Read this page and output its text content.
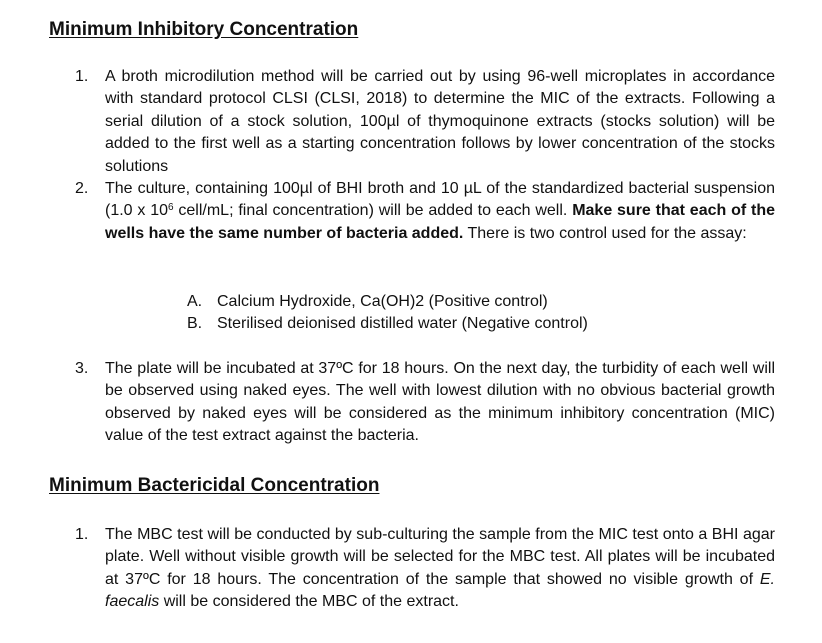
Minimum Inhibitory Concentration
1.	A broth microdilution method will be carried out by using 96-well microplates in accordance with standard protocol CLSI (CLSI, 2018) to determine the MIC of the extracts. Following a serial dilution of a stock solution, 100µl of thymoquinone extracts (stocks solution) will be added to the first well as a starting concentration follows by lower concentration of the stocks solutions
2.	The culture, containing 100µl of BHI broth and 10 µL of the standardized bacterial suspension (1.0 x $10^6$ cell/mL; final concentration) will be added to each well. Make sure that each of the wells have the same number of bacteria added. There is two control used for the assay:
A. Calcium Hydroxide, Ca(OH)2 (Positive control)
B. Sterilised deionised distilled water (Negative control)
3.	The plate will be incubated at 37ºC for 18 hours. On the next day, the turbidity of each well will be observed using naked eyes. The well with lowest dilution with no obvious bacterial growth observed by naked eyes will be considered as the minimum inhibitory concentration (MIC) value of the test extract against the bacteria.
Minimum Bactericidal Concentration
1.	The MBC test will be conducted by sub-culturing the sample from the MIC test onto a BHI agar plate. Well without visible growth will be selected for the MBC test. All plates will be incubated at 37ºC for 18 hours. The concentration of the sample that showed no visible growth of E. faecalis will be considered the MBC of the extract.
